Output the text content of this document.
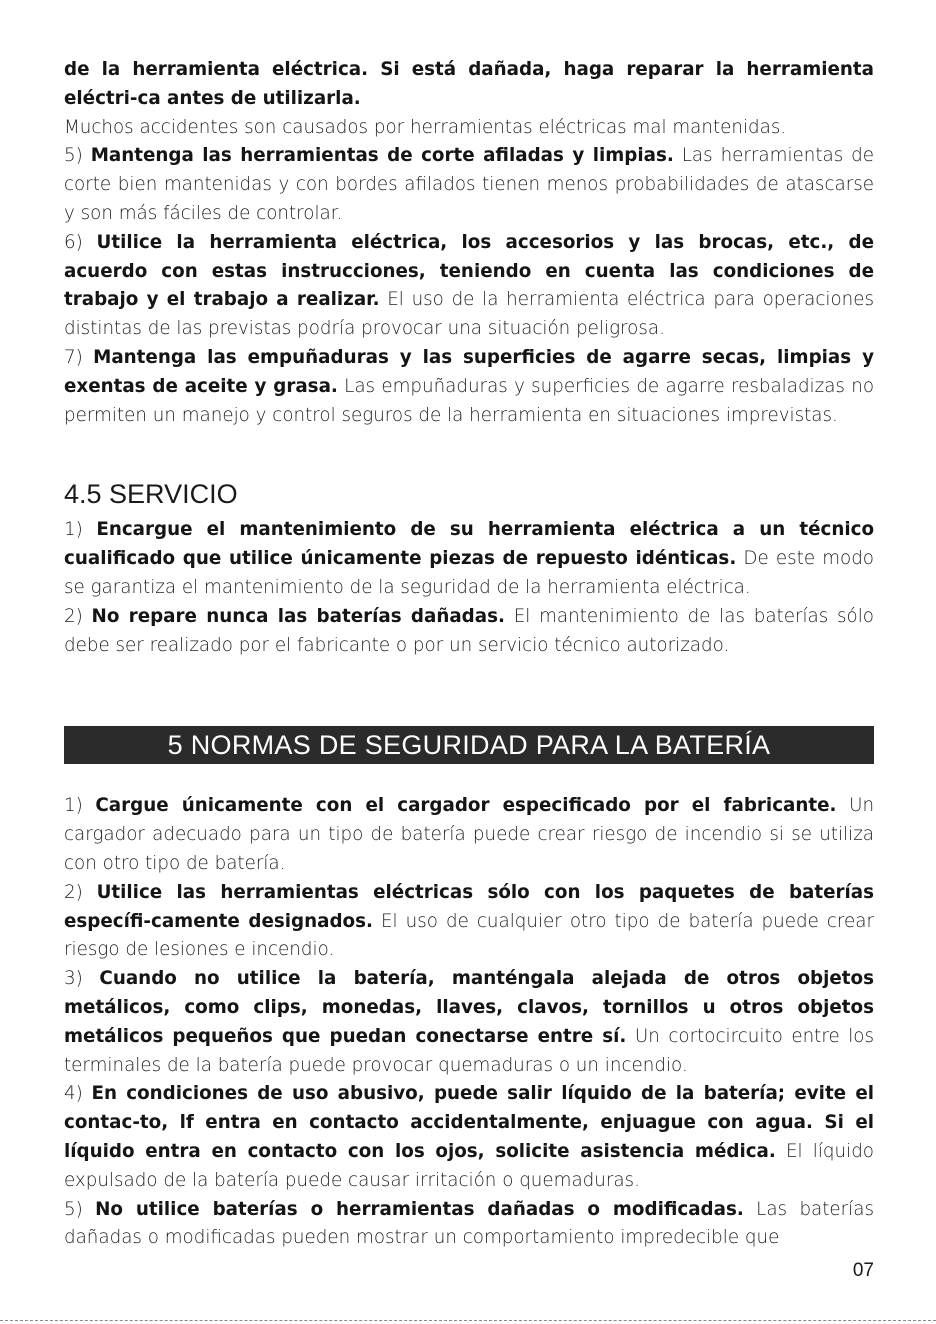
de la herramienta eléctrica. Si está dañada, haga reparar la herramienta eléctri-ca antes de utilizarla.

Muchos accidentes son causados por herramientas eléctricas mal mantenidas.

5) Mantenga las herramientas de corte afiladas y limpias. Las herramientas de corte bien mantenidas y con bordes afilados tienen menos probabilidades de atascarse y son más fáciles de controlar.

6) Utilice la herramienta eléctrica, los accesorios y las brocas, etc., de acuerdo con estas instrucciones, teniendo en cuenta las condiciones de trabajo y el trabajo a realizar. El uso de la herramienta eléctrica para operaciones distintas de las previstas podría provocar una situación peligrosa.

7) Mantenga las empuñaduras y las superficies de agarre secas, limpias y exentas de aceite y grasa. Las empuñaduras y superficies de agarre resbaladizas no permiten un manejo y control seguros de la herramienta en situaciones imprevistas.

4.5 SERVICIO

1) Encargue el mantenimiento de su herramienta eléctrica a un técnico cualificado que utilice únicamente piezas de repuesto idénticas. De este modo se garantiza el mantenimiento de la seguridad de la herramienta eléctrica.

2) No repare nunca las baterías dañadas. El mantenimiento de las baterías sólo debe ser realizado por el fabricante o por un servicio técnico autorizado.

5 NORMAS DE SEGURIDAD PARA LA BATERÍA

1) Cargue únicamente con el cargador especificado por el fabricante. Un cargador adecuado para un tipo de batería puede crear riesgo de incendio si se utiliza con otro tipo de batería.

2) Utilice las herramientas eléctricas sólo con los paquetes de baterías específi-camente designados. El uso de cualquier otro tipo de batería puede crear riesgo de lesiones e incendio.

3) Cuando no utilice la batería, manténgala alejada de otros objetos metálicos, como clips, monedas, llaves, clavos, tornillos u otros objetos metálicos pequeños que puedan conectarse entre sí. Un cortocircuito entre los terminales de la batería puede provocar quemaduras o un incendio.

4) En condiciones de uso abusivo, puede salir líquido de la batería; evite el contac-to, lf entra en contacto accidentalmente, enjuague con agua. Si el líquido entra en contacto con los ojos, solicite asistencia médica. El líquido expulsado de la batería puede causar irritación o quemaduras.

5) No utilice baterías o herramientas dañadas o modificadas. Las baterías dañadas o modificadas pueden mostrar un comportamiento impredecible que

07
